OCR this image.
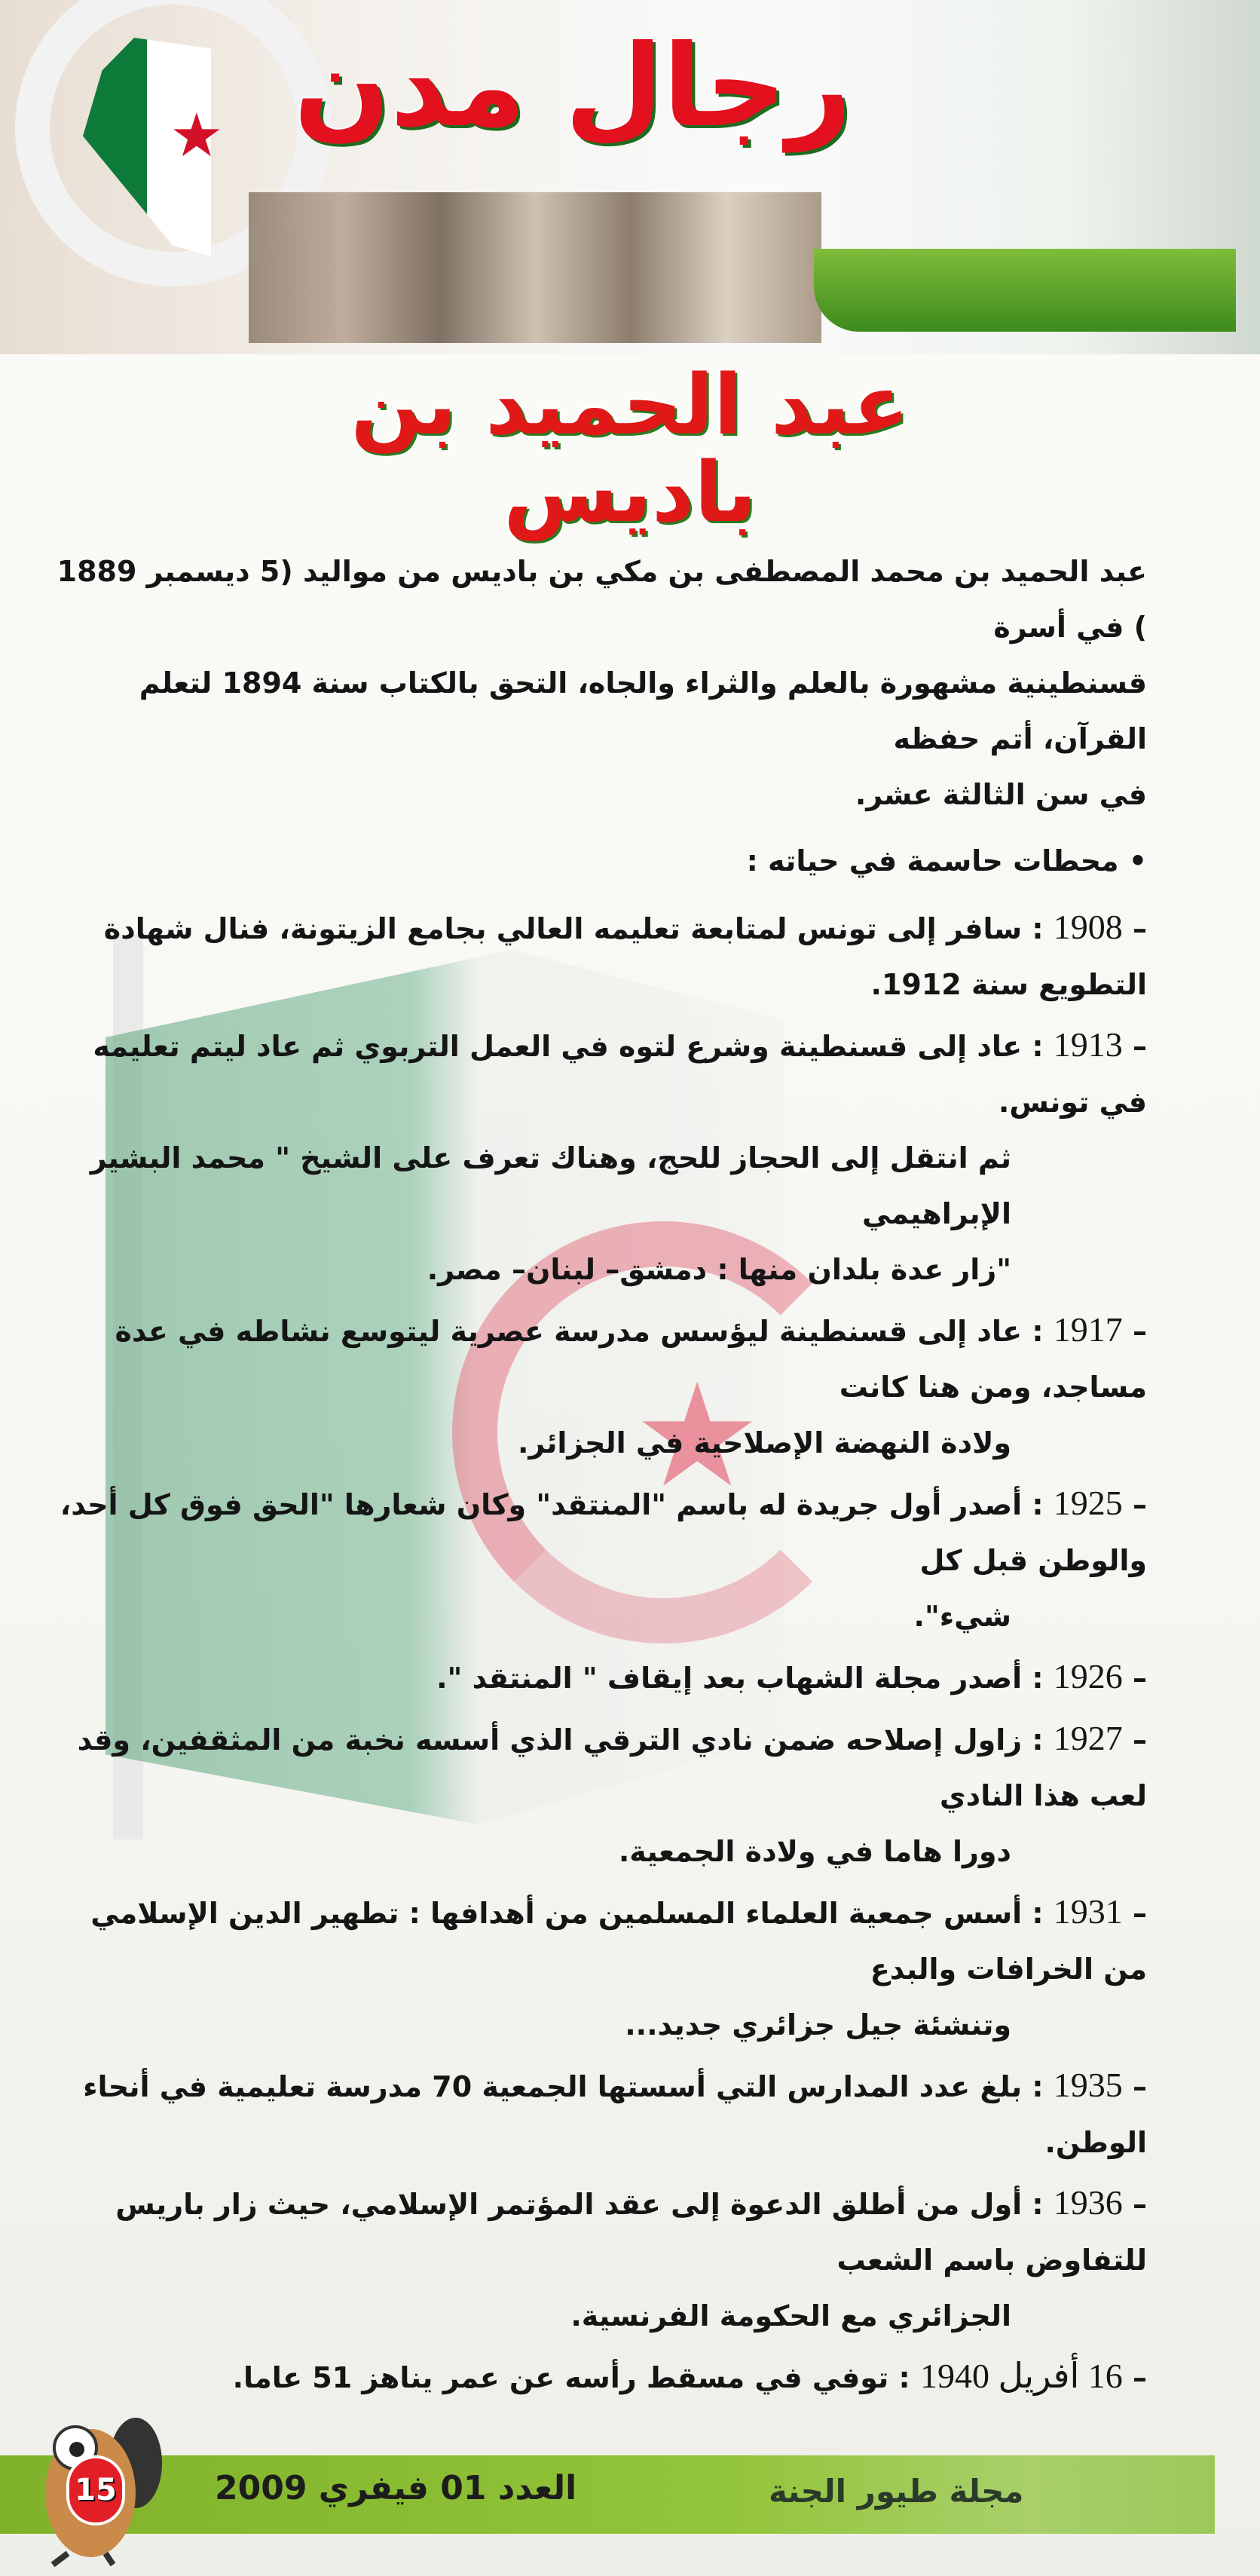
★
★ رجال مدن
عبد الحميد بن باديس
عبد الحميد بن محمد المصطفى بن مكي بن باديس من مواليد (5 ديسمبر 1889 ) في أسرة
قسنطينية مشهورة بالعلم والثراء والجاه، التحق بالكتاب سنة 1894 لتعلم القرآن، أتم حفظه
في سن الثالثة عشر.
• محطات حاسمة في حياته :
– 1908 : سافر إلى تونس لمتابعة تعليمه العالي بجامع الزيتونة، فنال شهادة التطويع سنة 1912.
– 1913 : عاد إلى قسنطينة وشرع لتوه في العمل التربوي ثم عاد ليتم تعليمه في تونس.
ثم انتقل إلى الحجاز للحج، وهناك تعرف على الشيخ " محمد البشير الإبراهيمي
"زار عدة بلدان منها : دمشق– لبنان– مصر.
– 1917 : عاد إلى قسنطينة ليؤسس مدرسة عصرية ليتوسع نشاطه في عدة مساجد، ومن هنا كانت
ولادة النهضة الإصلاحية في الجزائر.
– 1925 : أصدر أول جريدة له باسم "المنتقد" وكان شعارها "الحق فوق كل أحد، والوطن قبل كل
شيء".
– 1926 : أصدر مجلة الشهاب بعد إيقاف " المنتقد ".
– 1927 : زاول إصلاحه ضمن نادي الترقي الذي أسسه نخبة من المثقفين، وقد لعب هذا النادي
دورا هاما في ولادة الجمعية.
– 1931 : أسس جمعية العلماء المسلمين من أهدافها : تطهير الدين الإسلامي من الخرافات والبدع
وتنشئة جيل جزائري جديد...
– 1935 : بلغ عدد المدارس التي أسستها الجمعية 70 مدرسة تعليمية في أنحاء الوطن.
– 1936 : أول من أطلق الدعوة إلى عقد المؤتمر الإسلامي، حيث زار باريس للتفاوض باسم الشعب
الجزائري مع الحكومة الفرنسية.
– 16 أفريل 1940 : توفي في مسقط رأسه عن عمر يناهز 51 عاما.
العدد 01 فيفري 2009	مجلة طيور الجنة
15
